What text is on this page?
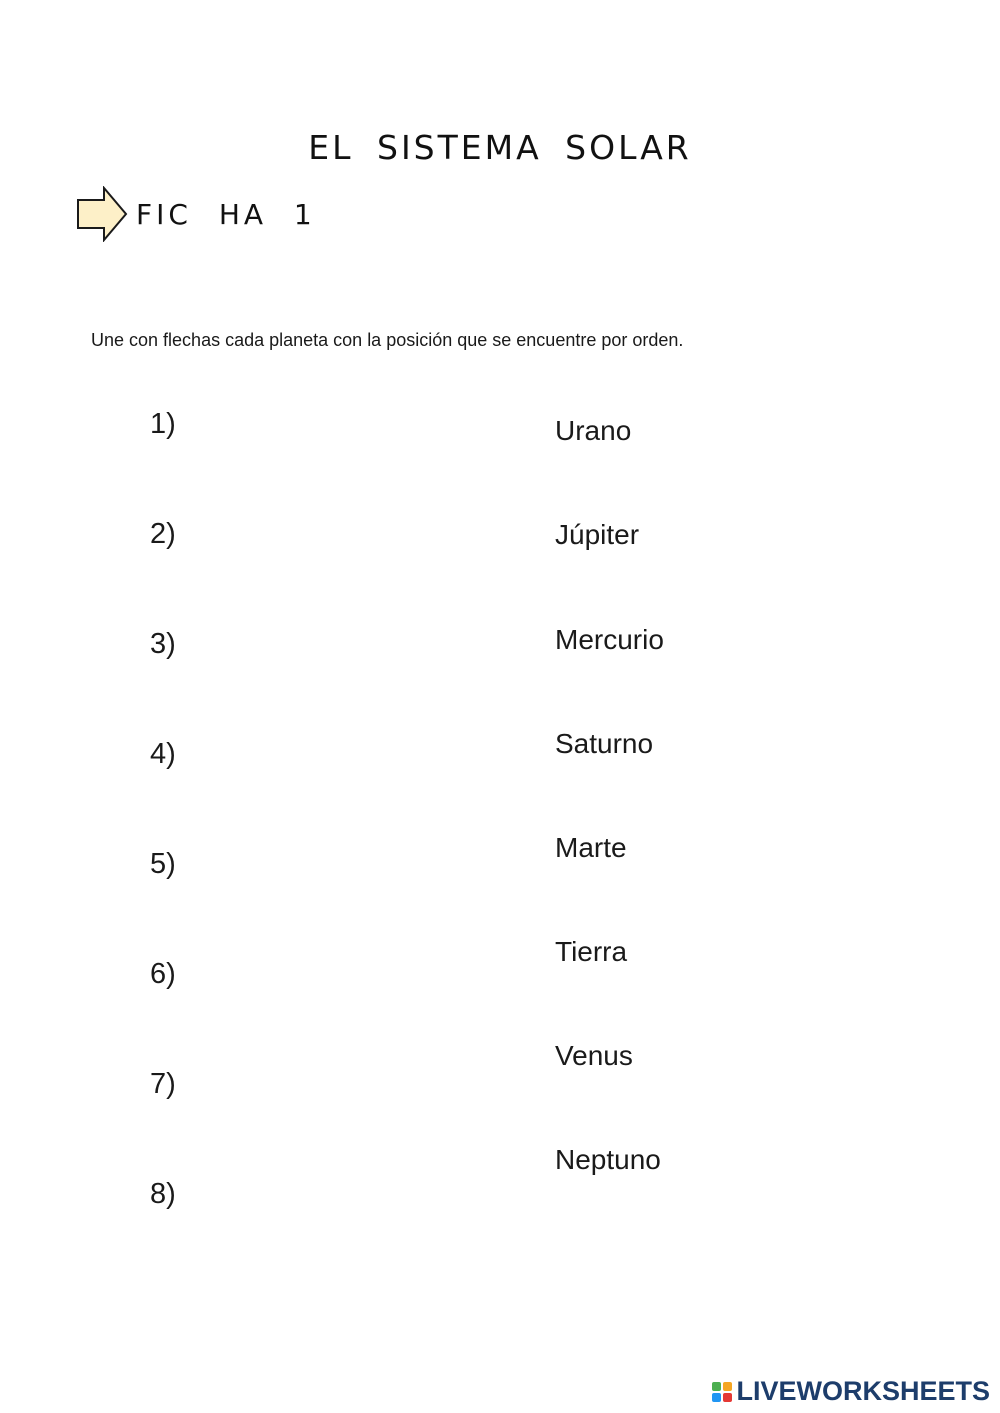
EL SISTEMA SOLAR
FIC HA 1
Une con flechas cada planeta con la posición que se encuentre por orden.
1)
2)
3)
4)
5)
6)
7)
8)
Urano
Júpiter
Mercurio
Saturno
Marte
Tierra
Venus
Neptuno
LIVEWORKSHEETS
